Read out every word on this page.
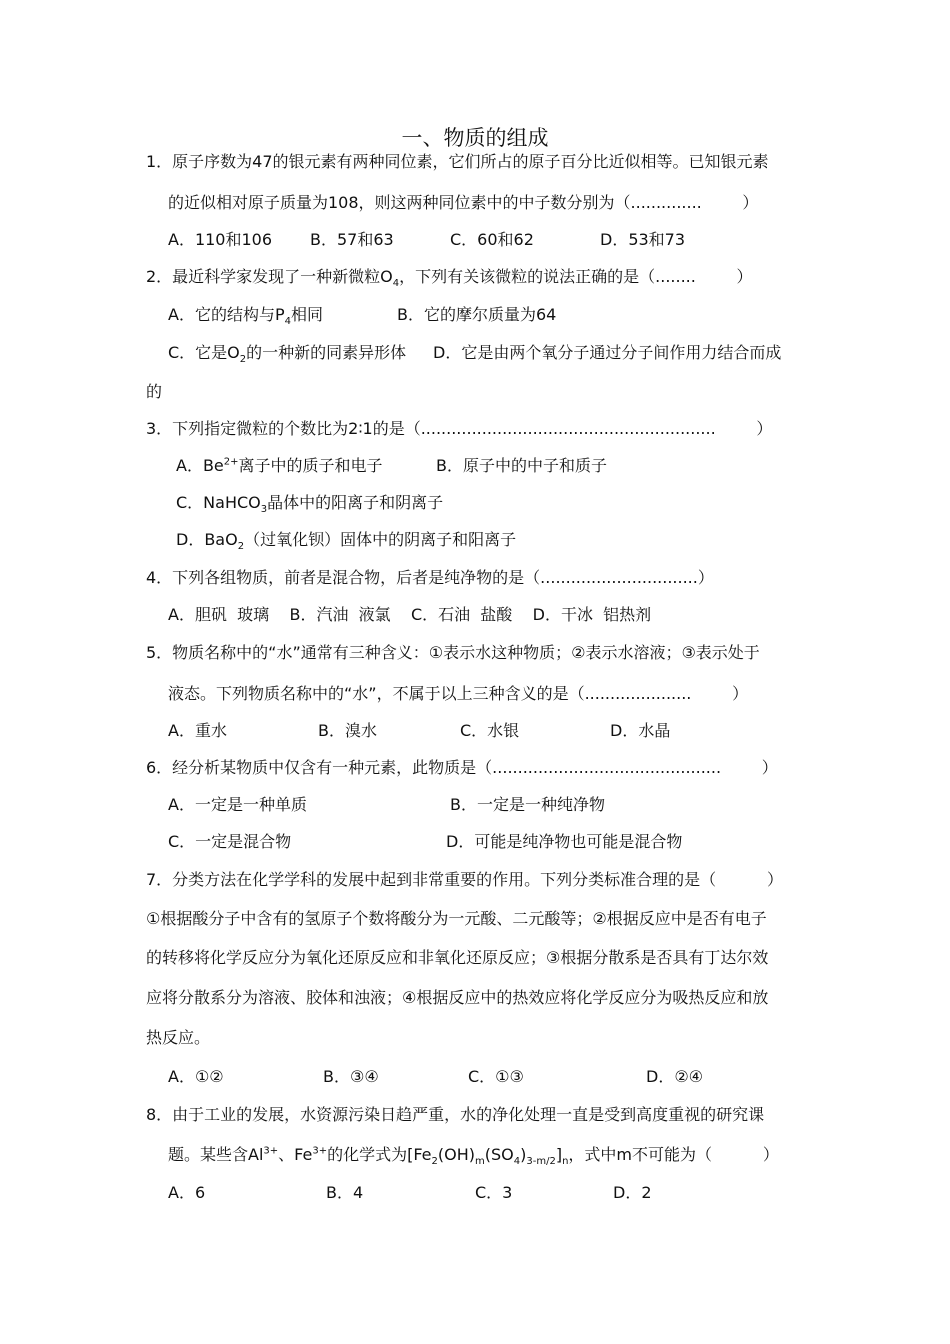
一、物质的组成
1．原子序数为47的银元素有两种同位素，它们所占的原子百分比近似相等。已知银元素
的近似相对原子质量为108，则这两种同位素中的中子数分别为（..............        ）
A．110和106 B．57和63	C．60和62	D．53和73
2．最近科学家发现了一种新微粒$O_4$，下列有关该微粒的说法正确的是（........        ）
A．它的结构与$P_4$相同	B．它的摩尔质量为64
C．它是$O_2$的一种新的同素异形体 D．它是由两个氧分子通过分子间作用力结合而成
的
3．下列指定微粒的个数比为2∶1的是（..........................................................        ）
A．$Be^{2+}$离子中的质子和电子	B．原子中的中子和质子
C．NaHCO$_3$晶体中的阳离子和阴离子
D．BaO$_2$（过氧化钡）固体中的阴离子和阳离子
4．下列各组物质，前者是混合物，后者是纯净物的是（...............................）
A．胆矾  玻璃    B．汽油  液氯    C．石油  盐酸    D．干冰  铝热剂
5．物质名称中的“水”通常有三种含义：①表示水这种物质；②表示水溶液；③表示处于
液态。下列物质名称中的“水”，不属于以上三种含义的是（.....................        ）
A．重水	B．溴水	C．水银	D．水晶
6．经分析某物质中仅含有一种元素，此物质是（.............................................        ）
A．一定是一种单质	B．一定是一种纯净物
C．一定是混合物	D．可能是纯净物也可能是混合物
7．分类方法在化学学科的发展中起到非常重要的作用。下列分类标准合理的是（          ）
①根据酸分子中含有的氢原子个数将酸分为一元酸、二元酸等；②根据反应中是否有电子
的转移将化学反应分为氧化还原反应和非氧化还原反应；③根据分散系是否具有丁达尔效
应将分散系分为溶液、胶体和浊液；④根据反应中的热效应将化学反应分为吸热反应和放
热反应。
A．①②	B．③④	C．①③	D．②④
8．由于工业的发展，水资源污染日趋严重，水的净化处理一直是受到高度重视的研究课
题。某些含$Al^{3+}$、$Fe^{3+}$的化学式为$[Fe_2(OH)_m(SO_4)_{3-m/2}]_n$，式中m不可能为（          ）
A．6	B．4	C．3	D．2
